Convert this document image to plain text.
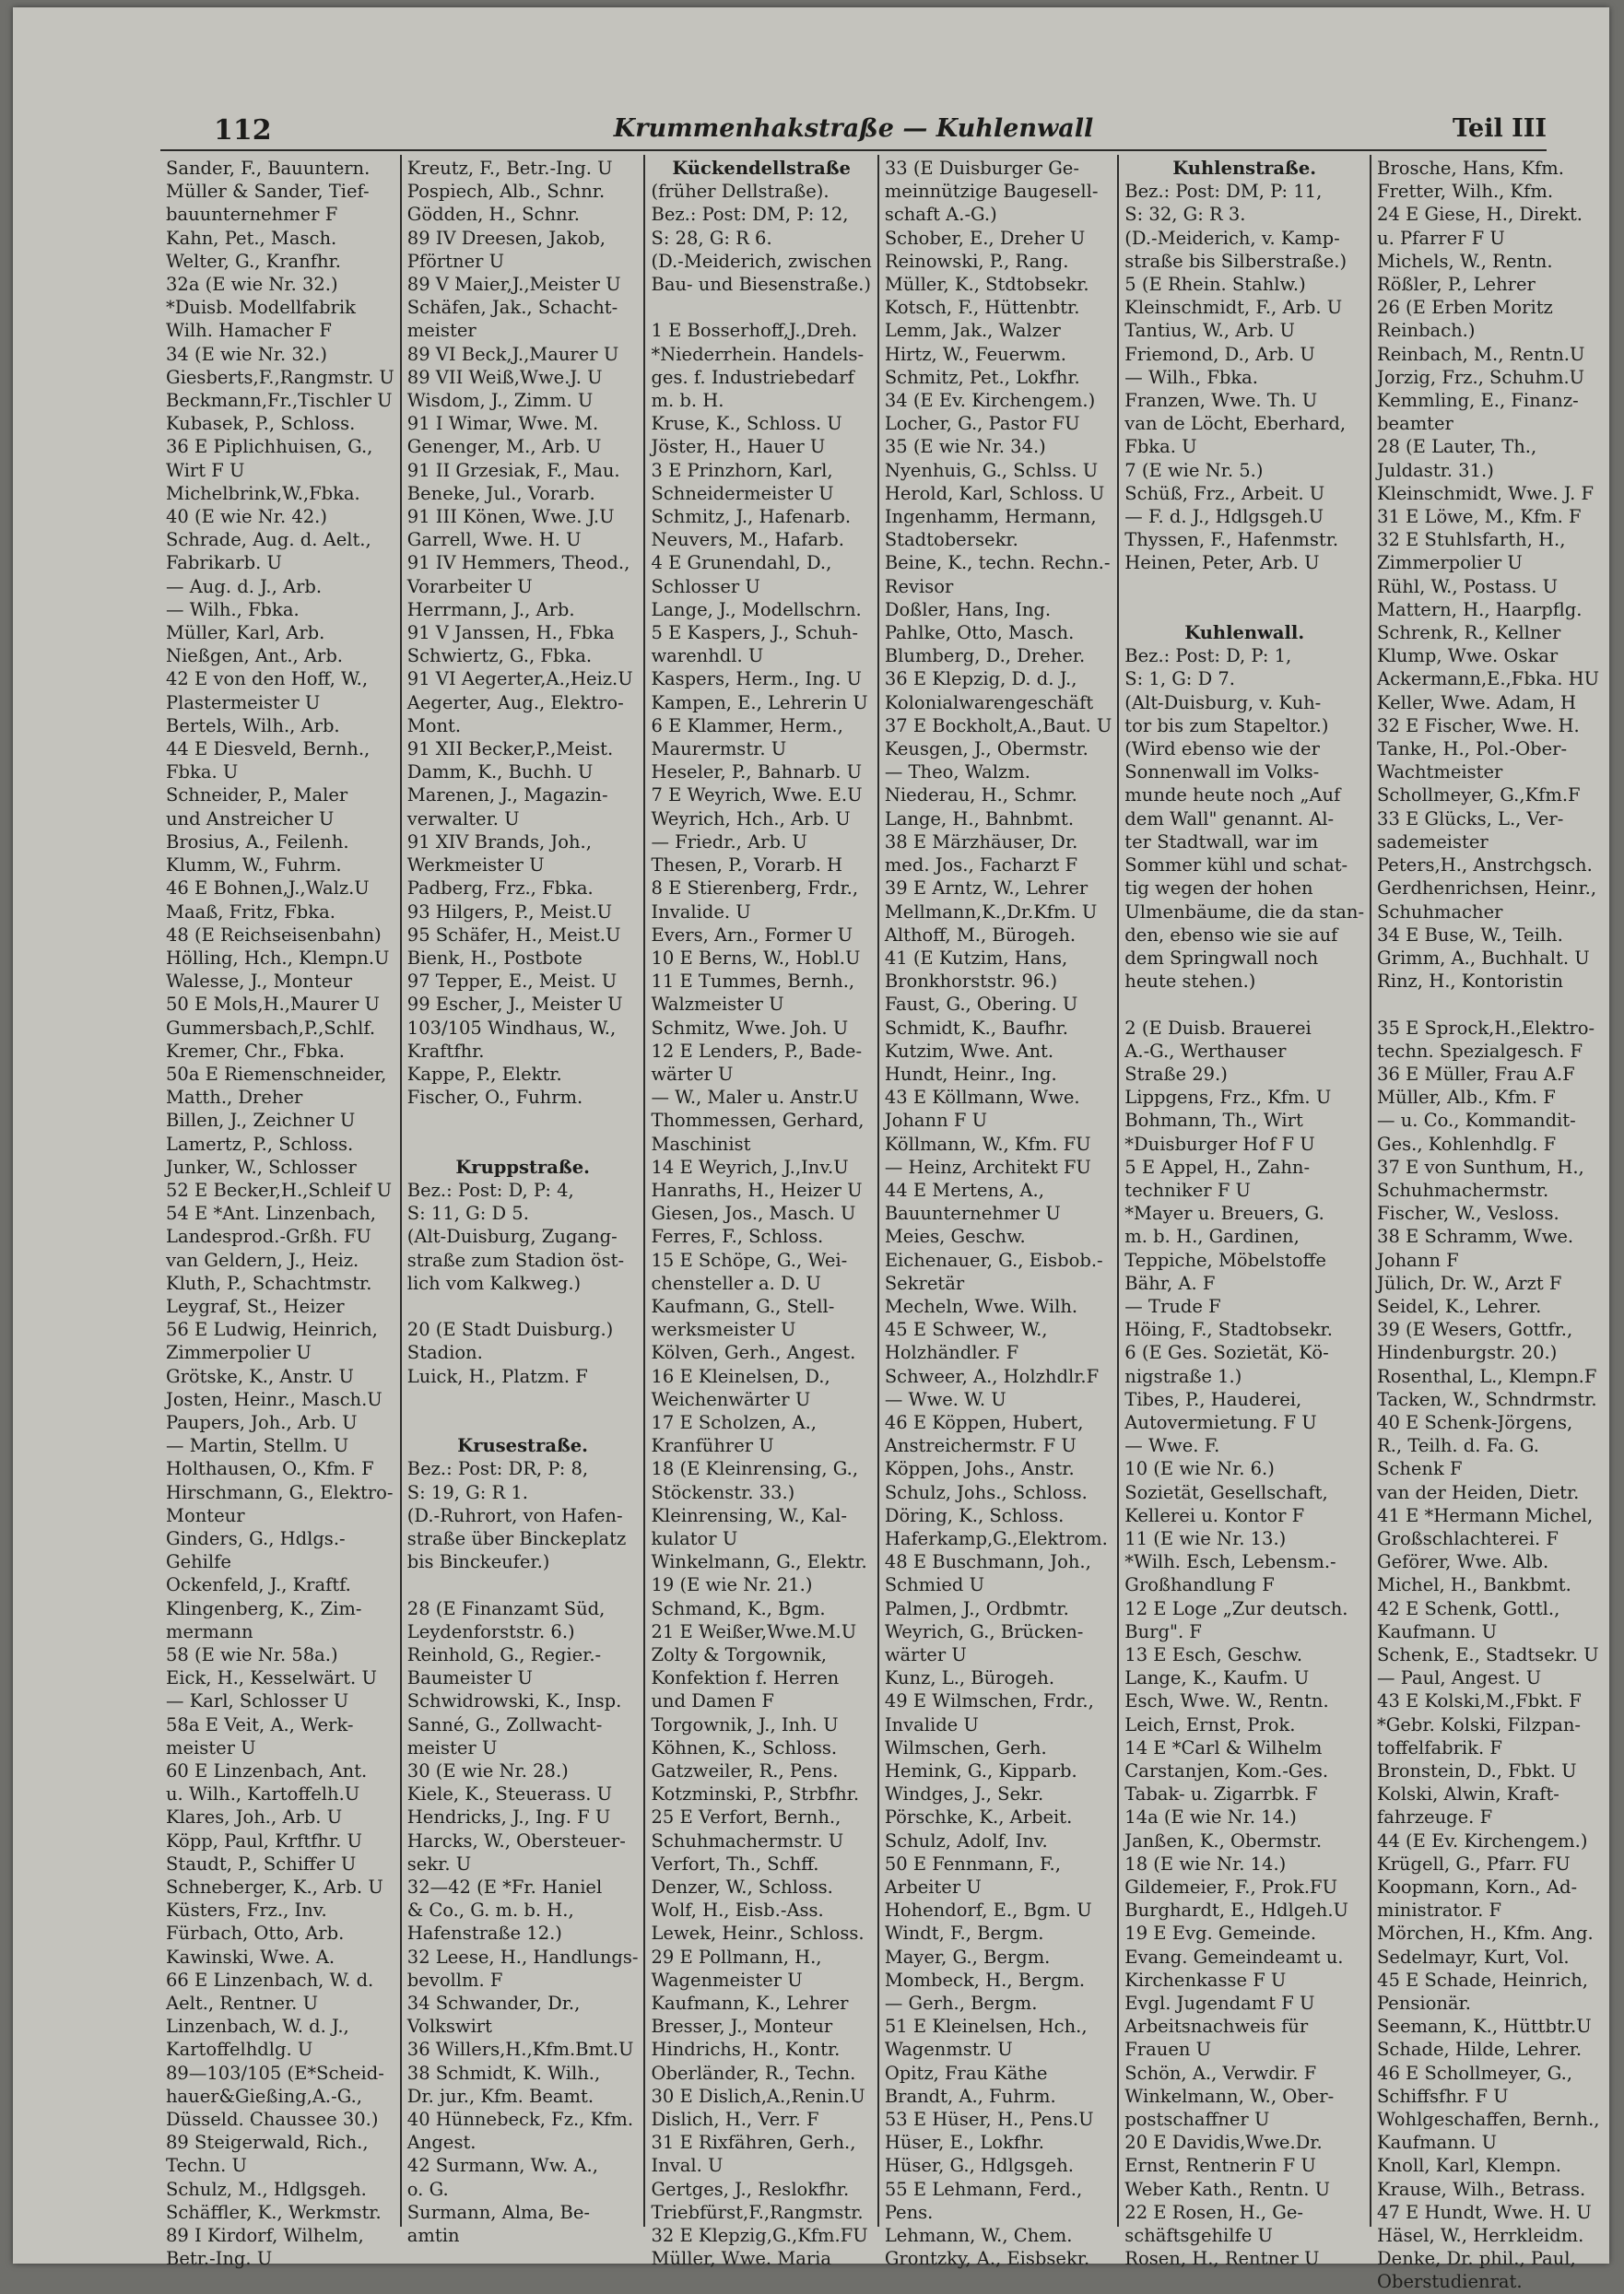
112	Krummenhakstraße — Kuhlenwall	Teil III
Sander, F., Bauuntern.
Müller & Sander, Tief-
bauunternehmer F
Kahn, Pet., Masch.
Welter, G., Kranfhr.
32a (E wie Nr. 32.)
*Duisb. Modellfabrik
Wilh. Hamacher F
34 (E wie Nr. 32.)
Giesberts,F.,Rangmstr. U
Beckmann,Fr.,Tischler U
Kubasek, P., Schloss.
36 E Piplichhuisen, G.,
Wirt F U
Michelbrink,W.,Fbka.
40 (E wie Nr. 42.)
Schrade, Aug. d. Aelt.,
Fabrikarb. U
— Aug. d. J., Arb.
— Wilh., Fbka.
Müller, Karl, Arb.
Nießgen, Ant., Arb.
42 E von den Hoff, W.,
Plastermeister U
Bertels, Wilh., Arb.
44 E Diesveld, Bernh.,
Fbka. U
Schneider, P., Maler
und Anstreicher U
Brosius, A., Feilenh.
Klumm, W., Fuhrm.
46 E Bohnen,J.,Walz.U
Maaß, Fritz, Fbka.
48 (E Reichseisenbahn)
Hölling, Hch., Klempn.U
Walesse, J., Monteur
50 E Mols,H.,Maurer U
Gummersbach,P.,Schlf.
Kremer, Chr., Fbka.
50a E Riemenschneider,
Matth., Dreher
Billen, J., Zeichner U
Lamertz, P., Schloss.
Junker, W., Schlosser
52 E Becker,H.,Schleif U
54 E *Ant. Linzenbach,
Landesprod.-Grßh. FU
van Geldern, J., Heiz.
Kluth, P., Schachtmstr.
Leygraf, St., Heizer
56 E Ludwig, Heinrich,
Zimmerpolier U
Grötske, K., Anstr. U
Josten, Heinr., Masch.U
Paupers, Joh., Arb. U
— Martin, Stellm. U
Holthausen, O., Kfm. F
Hirschmann, G., Elektro-
Monteur
Ginders, G., Hdlgs.-
Gehilfe
Ockenfeld, J., Kraftf.
Klingenberg, K., Zim-
mermann
58 (E wie Nr. 58a.)
Eick, H., Kesselwärt. U
— Karl, Schlosser U
58a E Veit, A., Werk-
meister U
60 E Linzenbach, Ant.
u. Wilh., Kartoffelh.U
Klares, Joh., Arb. U
Köpp, Paul, Krftfhr. U
Staudt, P., Schiffer U
Schneberger, K., Arb. U
Küsters, Frz., Inv.
Fürbach, Otto, Arb.
Kawinski, Wwe. A.
66 E Linzenbach, W. d.
Aelt., Rentner. U
Linzenbach, W. d. J.,
Kartoffelhdlg. U
89—103/105 (E*Scheid-
hauer&Gießing,A.-G.,
Düsseld. Chaussee 30.)
89 Steigerwald, Rich.,
Techn. U
Schulz, M., Hdlgsgeh.
Schäffler, K., Werkmstr.
89 I Kirdorf, Wilhelm,
Betr.-Ing. U
Kreutz, F., Betr.-Ing. U
Pospiech, Alb., Schnr.
Gödden, H., Schnr.
89 IV Dreesen, Jakob,
Pförtner U
89 V Maier,J.,Meister U
Schäfen, Jak., Schacht-
meister
89 VI Beck,J.,Maurer U
89 VII Weiß,Wwe.J. U
Wisdom, J., Zimm. U
91 I Wimar, Wwe. M.
Genenger, M., Arb. U
91 II Grzesiak, F., Mau.
Beneke, Jul., Vorarb.
91 III Könen, Wwe. J.U
Garrell, Wwe. H. U
91 IV Hemmers, Theod.,
Vorarbeiter U
Herrmann, J., Arb.
91 V Janssen, H., Fbka
Schwiertz, G., Fbka.
91 VI Aegerter,A.,Heiz.U
Aegerter, Aug., Elektro-
Mont.
91 XII Becker,P.,Meist.
Damm, K., Buchh. U
Marenen, J., Magazin-
verwalter. U
91 XIV Brands, Joh.,
Werkmeister U
Padberg, Frz., Fbka.
93 Hilgers, P., Meist.U
95 Schäfer, H., Meist.U
Bienk, H., Postbote
97 Tepper, E., Meist. U
99 Escher, J., Meister U
103/105 Windhaus, W.,
Kraftfhr.
Kappe, P., Elektr.
Fischer, O., Fuhrm.

Kruppstraße.
Bez.: Post: D, P: 4,
S: 11, G: D 5.
(Alt-Duisburg, Zugang-
straße zum Stadion öst-
lich vom Kalkweg.)

20 (E Stadt Duisburg.)
Stadion.
Luick, H., Platzm. F

Krusestraße.
Bez.: Post: DR, P: 8,
S: 19, G: R 1.
(D.-Ruhrort, von Hafen-
straße über Binckeplatz
bis Binckeufer.)

28 (E Finanzamt Süd,
Leydenforststr. 6.)
Reinhold, G., Regier.-
Baumeister U
Schwidrowski, K., Insp.
Sanné, G., Zollwacht-
meister U
30 (E wie Nr. 28.)
Kiele, K., Steuerass. U
Hendricks, J., Ing. F U
Harcks, W., Obersteuer-
sekr. U
32—42 (E *Fr. Haniel
& Co., G. m. b. H.,
Hafenstraße 12.)
32 Leese, H., Handlungs-
bevollm. F
34 Schwander, Dr.,
Volkswirt
36 Willers,H.,Kfm.Bmt.U
38 Schmidt, K. Wilh.,
Dr. jur., Kfm. Beamt.
40 Hünnebeck, Fz., Kfm.
Angest.
42 Surmann, Ww. A.,
o. G.
Surmann, Alma, Be-
amtin
Kückendellstraße
(früher Dellstraße).
Bez.: Post: DM, P: 12,
S: 28, G: R 6.
(D.-Meiderich, zwischen
Bau- und Biesenstraße.)

1 E Bosserhoff,J.,Dreh.
*Niederrhein. Handels-
ges. f. Industriebedarf
m. b. H.
Kruse, K., Schloss. U
Jöster, H., Hauer U
3 E Prinzhorn, Karl,
Schneidermeister U
Schmitz, J., Hafenarb.
Neuvers, M., Hafarb.
4 E Grunendahl, D.,
Schlosser U
Lange, J., Modellschrn.
5 E Kaspers, J., Schuh-
warenhdl. U
Kaspers, Herm., Ing. U
Kampen, E., Lehrerin U
6 E Klammer, Herm.,
Maurermstr. U
Heseler, P., Bahnarb. U
7 E Weyrich, Wwe. E.U
Weyrich, Hch., Arb. U
— Friedr., Arb. U
Thesen, P., Vorarb. H
8 E Stierenberg, Frdr.,
Invalide. U
Evers, Arn., Former U
10 E Berns, W., Hobl.U
11 E Tummes, Bernh.,
Walzmeister U
Schmitz, Wwe. Joh. U
12 E Lenders, P., Bade-
wärter U
— W., Maler u. Anstr.U
Thommessen, Gerhard,
Maschinist
14 E Weyrich, J.,Inv.U
Hanraths, H., Heizer U
Giesen, Jos., Masch. U
Ferres, F., Schloss.
15 E Schöpe, G., Wei-
chensteller a. D. U
Kaufmann, G., Stell-
werksmeister U
Kölven, Gerh., Angest.
16 E Kleinelsen, D.,
Weichenwärter U
17 E Scholzen, A.,
Kranführer U
18 (E Kleinrensing, G.,
Stöckenstr. 33.)
Kleinrensing, W., Kal-
kulator U
Winkelmann, G., Elektr.
19 (E wie Nr. 21.)
Schmand, K., Bgm.
21 E Weißer,Wwe.M.U
Zolty & Torgownik,
Konfektion f. Herren
und Damen F
Torgownik, J., Inh. U
Köhnen, K., Schloss.
Gatzweiler, R., Pens.
Kotzminski, P., Strbfhr.
25 E Verfort, Bernh.,
Schuhmachermstr. U
Verfort, Th., Schff.
Denzer, W., Schloss.
Wolf, H., Eisb.-Ass.
Lewek, Heinr., Schloss.
29 E Pollmann, H.,
Wagenmeister U
Kaufmann, K., Lehrer
Bresser, J., Monteur
Hindrichs, H., Kontr.
Oberländer, R., Techn.
30 E Dislich,A.,Renin.U
Dislich, H., Verr. F
31 E Rixfähren, Gerh.,
Inval. U
Gertges, J., Reslokfhr.
Triebfürst,F.,Rangmstr.
32 E Klepzig,G.,Kfm.FU
Müller, Wwe. Maria
33 (E Duisburger Ge-
meinnützige Baugesell-
schaft A.-G.)
Schober, E., Dreher U
Reinowski, P., Rang.
Müller, K., Stdtobsekr.
Kotsch, F., Hüttenbtr.
Lemm, Jak., Walzer
Hirtz, W., Feuerwm.
Schmitz, Pet., Lokfhr.
34 (E Ev. Kirchengem.)
Locher, G., Pastor FU
35 (E wie Nr. 34.)
Nyenhuis, G., Schlss. U
Herold, Karl, Schloss. U
Ingenhamm, Hermann,
Stadtobersekr.
Beine, K., techn. Rechn.-
Revisor
Doßler, Hans, Ing.
Pahlke, Otto, Masch.
Blumberg, D., Dreher.
36 E Klepzig, D. d. J.,
Kolonialwarengeschäft
37 E Bockholt,A.,Baut. U
Keusgen, J., Obermstr.
— Theo, Walzm.
Niederau, H., Schmr.
Lange, H., Bahnbmt.
38 E Märzhäuser, Dr.
med. Jos., Facharzt F
39 E Arntz, W., Lehrer
Mellmann,K.,Dr.Kfm. U
Althoff, M., Bürogeh.
41 (E Kutzim, Hans,
Bronkhorststr. 96.)
Faust, G., Obering. U
Schmidt, K., Baufhr.
Kutzim, Wwe. Ant.
Hundt, Heinr., Ing.
43 E Köllmann, Wwe.
Johann F U
Köllmann, W., Kfm. FU
— Heinz, Architekt FU
44 E Mertens, A.,
Bauunternehmer U
Meies, Geschw.
Eichenauer, G., Eisbob.-
Sekretär
Mecheln, Wwe. Wilh.
45 E Schweer, W.,
Holzhändler. F
Schweer, A., Holzhdlr.F
— Wwe. W. U
46 E Köppen, Hubert,
Anstreichermstr. F U
Köppen, Johs., Anstr.
Schulz, Johs., Schloss.
Döring, K., Schloss.
Haferkamp,G.,Elektrom.
48 E Buschmann, Joh.,
Schmied U
Palmen, J., Ordbmtr.
Weyrich, G., Brücken-
wärter U
Kunz, L., Bürogeh.
49 E Wilmschen, Frdr.,
Invalide U
Wilmschen, Gerh.
Hemink, G., Kipparb.
Windges, J., Sekr.
Pörschke, K., Arbeit.
Schulz, Adolf, Inv.
50 E Fennmann, F.,
Arbeiter U
Hohendorf, E., Bgm. U
Windt, F., Bergm.
Mayer, G., Bergm.
Mombeck, H., Bergm.
— Gerh., Bergm.
51 E Kleinelsen, Hch.,
Wagenmstr. U
Opitz, Frau Käthe
Brandt, A., Fuhrm.
53 E Hüser, H., Pens.U
Hüser, E., Lokfhr.
Hüser, G., Hdlgsgeh.
55 E Lehmann, Ferd.,
Pens.
Lehmann, W., Chem.
Grontzky, A., Eisbsekr.
Kuhlenstraße.
Bez.: Post: DM, P: 11,
S: 32, G: R 3.
(D.-Meiderich, v. Kamp-
straße bis Silberstraße.)
5 (E Rhein. Stahlw.)
Kleinschmidt, F., Arb. U
Tantius, W., Arb. U
Friemond, D., Arb. U
— Wilh., Fbka.
Franzen, Wwe. Th. U
van de Löcht, Eberhard,
Fbka. U
7 (E wie Nr. 5.)
Schüß, Frz., Arbeit. U
— F. d. J., Hdlgsgeh.U
Thyssen, F., Hafenmstr.
Heinen, Peter, Arb. U

Kuhlenwall.
Bez.: Post: D, P: 1,
S: 1, G: D 7.
(Alt-Duisburg, v. Kuh-
tor bis zum Stapeltor.)
(Wird ebenso wie der
Sonnenwall im Volks-
munde heute noch „Auf
dem Wall" genannt. Al-
ter Stadtwall, war im
Sommer kühl und schat-
tig wegen der hohen
Ulmenbäume, die da stan-
den, ebenso wie sie auf
dem Springwall noch
heute stehen.)

2 (E Duisb. Brauerei
A.-G., Werthauser
Straße 29.)
Lippgens, Frz., Kfm. U
Bohmann, Th., Wirt
*Duisburger Hof F U
5 E Appel, H., Zahn-
techniker F U
*Mayer u. Breuers, G.
m. b. H., Gardinen,
Teppiche, Möbelstoffe
Bähr, A. F
— Trude F
Höing, F., Stadtobsekr.
6 (E Ges. Sozietät, Kö-
nigstraße 1.)
Tibes, P., Hauderei,
Autovermietung. F U
— Wwe. F.
10 (E wie Nr. 6.)
Sozietät, Gesellschaft,
Kellerei u. Kontor F
11 (E wie Nr. 13.)
*Wilh. Esch, Lebensm.-
Großhandlung F
12 E Loge „Zur deutsch.
Burg". F
13 E Esch, Geschw.
Lange, K., Kaufm. U
Esch, Wwe. W., Rentn.
Leich, Ernst, Prok.
14 E *Carl & Wilhelm
Carstanjen, Kom.-Ges.
Tabak- u. Zigarrbk. F
14a (E wie Nr. 14.)
Janßen, K., Obermstr.
18 (E wie Nr. 14.)
Gildemeier, F., Prok.FU
Burghardt, E., Hdlgeh.U
19 E Evg. Gemeinde.
Evang. Gemeindeamt u.
Kirchenkasse F U
Evgl. Jugendamt F U
Arbeitsnachweis für
Frauen U
Schön, A., Verwdir. F
Winkelmann, W., Ober-
postschaffner U
20 E Davidis,Wwe.Dr.
Ernst, Rentnerin F U
Weber Kath., Rentn. U
22 E Rosen, H., Ge-
schäftsgehilfe U
Rosen, H., Rentner U
Brosche, Hans, Kfm.
Fretter, Wilh., Kfm.
24 E Giese, H., Direkt.
u. Pfarrer F U
Michels, W., Rentn.
Rößler, P., Lehrer
26 (E Erben Moritz
Reinbach.)
Reinbach, M., Rentn.U
Jorzig, Frz., Schuhm.U
Kemmling, E., Finanz-
beamter
28 (E Lauter, Th.,
Juldastr. 31.)
Kleinschmidt, Wwe. J. F
31 E Löwe, M., Kfm. F
32 E Stuhlsfarth, H.,
Zimmerpolier U
Rühl, W., Postass. U
Mattern, H., Haarpflg.
Schrenk, R., Kellner
Klump, Wwe. Oskar
Ackermann,E.,Fbka. HU
Keller, Wwe. Adam, H
32 E Fischer, Wwe. H.
Tanke, H., Pol.-Ober-
Wachtmeister
Schollmeyer, G.,Kfm.F
33 E Glücks, L., Ver-
sademeister
Peters,H., Anstrchgsch.
Gerdhenrichsen, Heinr.,
Schuhmacher
34 E Buse, W., Teilh.
Grimm, A., Buchhalt. U
Rinz, H., Kontoristin

35 E Sprock,H.,Elektro-
techn. Spezialgesch. F
36 E Müller, Frau A.F
Müller, Alb., Kfm. F
— u. Co., Kommandit-
Ges., Kohlenhdlg. F
37 E von Sunthum, H.,
Schuhmachermstr.
Fischer, W., Vesloss.
38 E Schramm, Wwe.
Johann F
Jülich, Dr. W., Arzt F
Seidel, K., Lehrer.
39 (E Wesers, Gottfr.,
Hindenburgstr. 20.)
Rosenthal, L., Klempn.F
Tacken, W., Schndrmstr.
40 E Schenk-Jörgens,
R., Teilh. d. Fa. G.
Schenk F
van der Heiden, Dietr.
41 E *Hermann Michel,
Großschlachterei. F
Geförer, Wwe. Alb.
Michel, H., Bankbmt.
42 E Schenk, Gottl.,
Kaufmann. U
Schenk, E., Stadtsekr. U
— Paul, Angest. U
43 E Kolski,M.,Fbkt. F
*Gebr. Kolski, Filzpan-
toffelfabrik. F
Bronstein, D., Fbkt. U
Kolski, Alwin, Kraft-
fahrzeuge. F
44 (E Ev. Kirchengem.)
Krügell, G., Pfarr. FU
Koopmann, Korn., Ad-
ministrator. F
Mörchen, H., Kfm. Ang.
Sedelmayr, Kurt, Vol.
45 E Schade, Heinrich,
Pensionär.
Seemann, K., Hüttbtr.U
Schade, Hilde, Lehrer.
46 E Schollmeyer, G.,
Schiffsfhr. F U
Wohlgeschaffen, Bernh.,
Kaufmann. U
Knoll, Karl, Klempn.
Krause, Wilh., Betrass.
47 E Hundt, Wwe. H. U
Häsel, W., Herrkleidm.
Denke, Dr. phil., Paul,
Oberstudienrat.
